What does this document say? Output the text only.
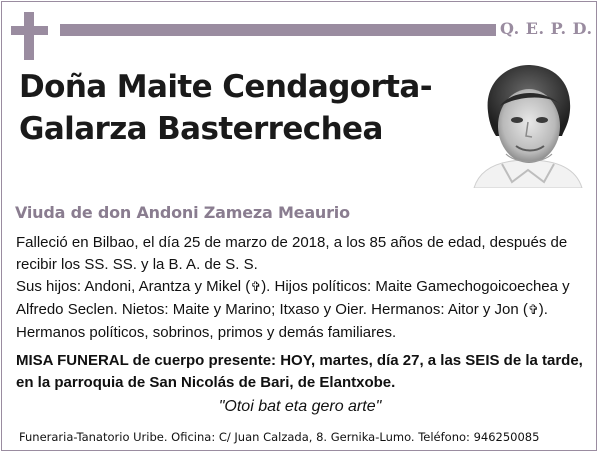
Q. E. P. D.
Doña Maite Cendagorta-
Galarza Basterrechea
Viuda de don Andoni Zameza Meaurio

Falleció en Bilbao, el día 25 de marzo de 2018, a los 85 años de edad, después de recibir los SS. SS. y la B. A. de S. S.

Sus hijos: Andoni, Arantza y Mikel (✞). Hijos políticos: Maite Gamechogoicoechea y Alfredo Seclen. Nietos: Maite y Marino; Itxaso y Oier. Hermanos: Aitor y Jon (✞). Hermanos políticos, sobrinos, primos y demás familiares.

MISA FUNERAL de cuerpo presente: HOY, martes, día 27, a las SEIS de la tarde,
en la parroquia de San Nicolás de Bari, de Elantxobe.

"Otoi bat eta gero arte"
Funeraria-Tanatorio Uribe. Oficina: C/ Juan Calzada, 8. Gernika-Lumo. Teléfono: 946250085
